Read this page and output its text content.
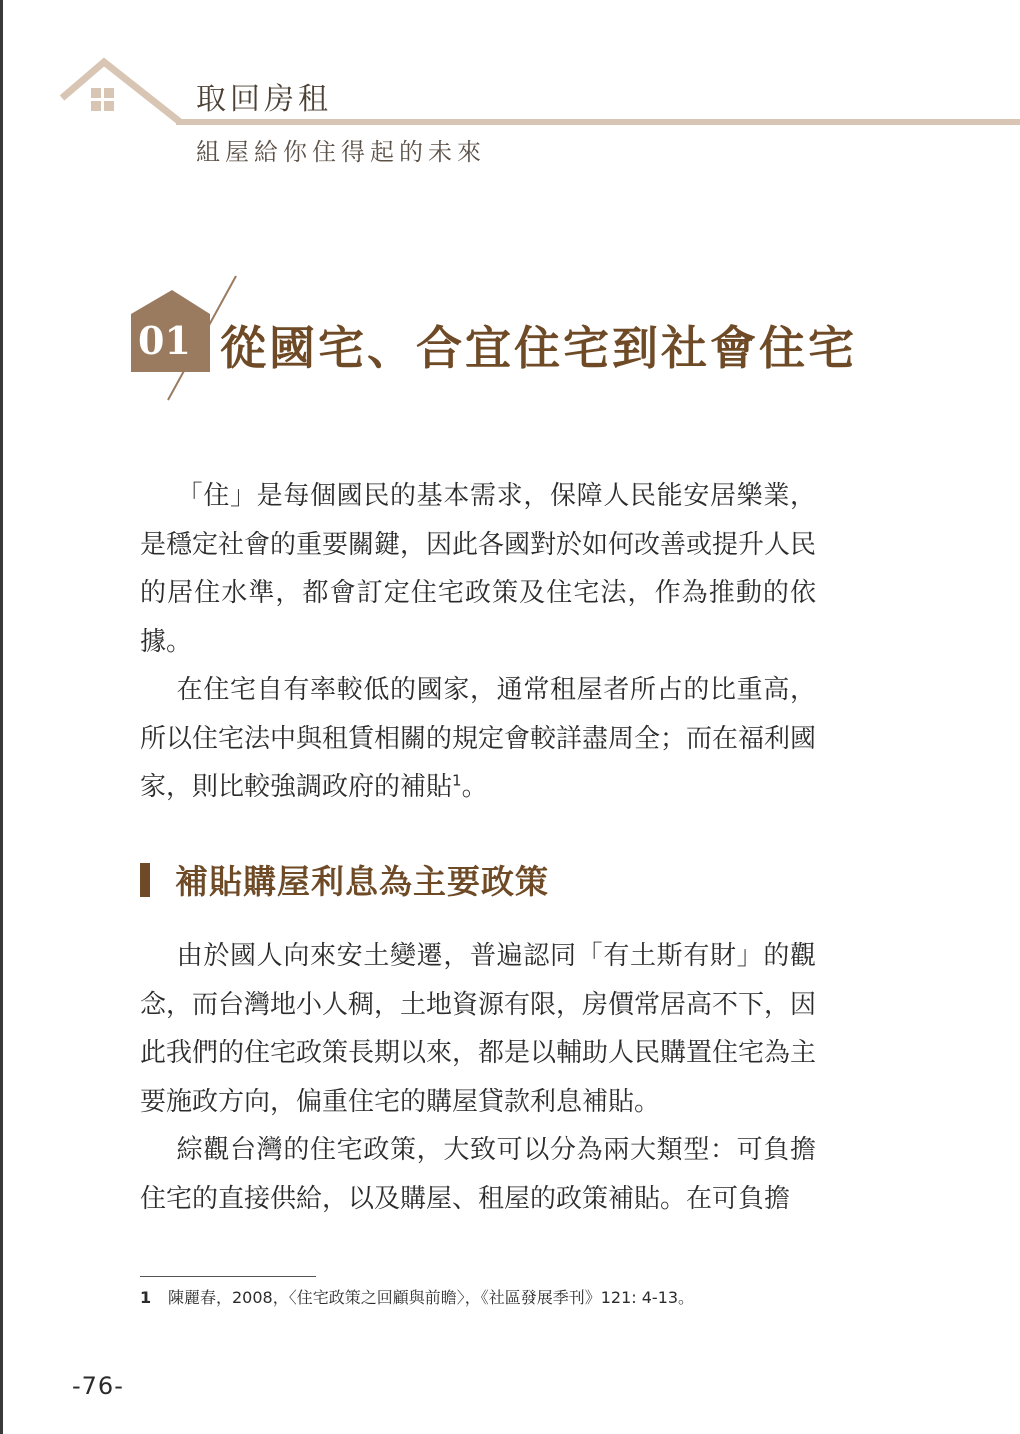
取回房租
組屋給你住得起的未來
01 從國宅、合宜住宅到社會住宅

「住」是每個國民的基本需求，保障人民能安居樂業，是穩定社會的重要關鍵，因此各國對於如何改善或提升人民的居住水準，都會訂定住宅政策及住宅法，作為推動的依據。

在住宅自有率較低的國家，通常租屋者所占的比重高，所以住宅法中與租賃相關的規定會較詳盡周全；而在福利國家，則比較強調政府的補貼$^1$。

補貼購屋利息為主要政策

由於國人向來安土變遷，普遍認同「有土斯有財」的觀念，而台灣地小人稠，土地資源有限，房價常居高不下，因此我們的住宅政策長期以來，都是以輔助人民購置住宅為主要施政方向，偏重住宅的購屋貸款利息補貼。

綜觀台灣的住宅政策，大致可以分為兩大類型：可負擔住宅的直接供給，以及購屋、租屋的政策補貼。在可負擔

1 陳麗春，2008，〈住宅政策之回顧與前瞻〉，《社區發展季刊》121: 4-13。
-76-
